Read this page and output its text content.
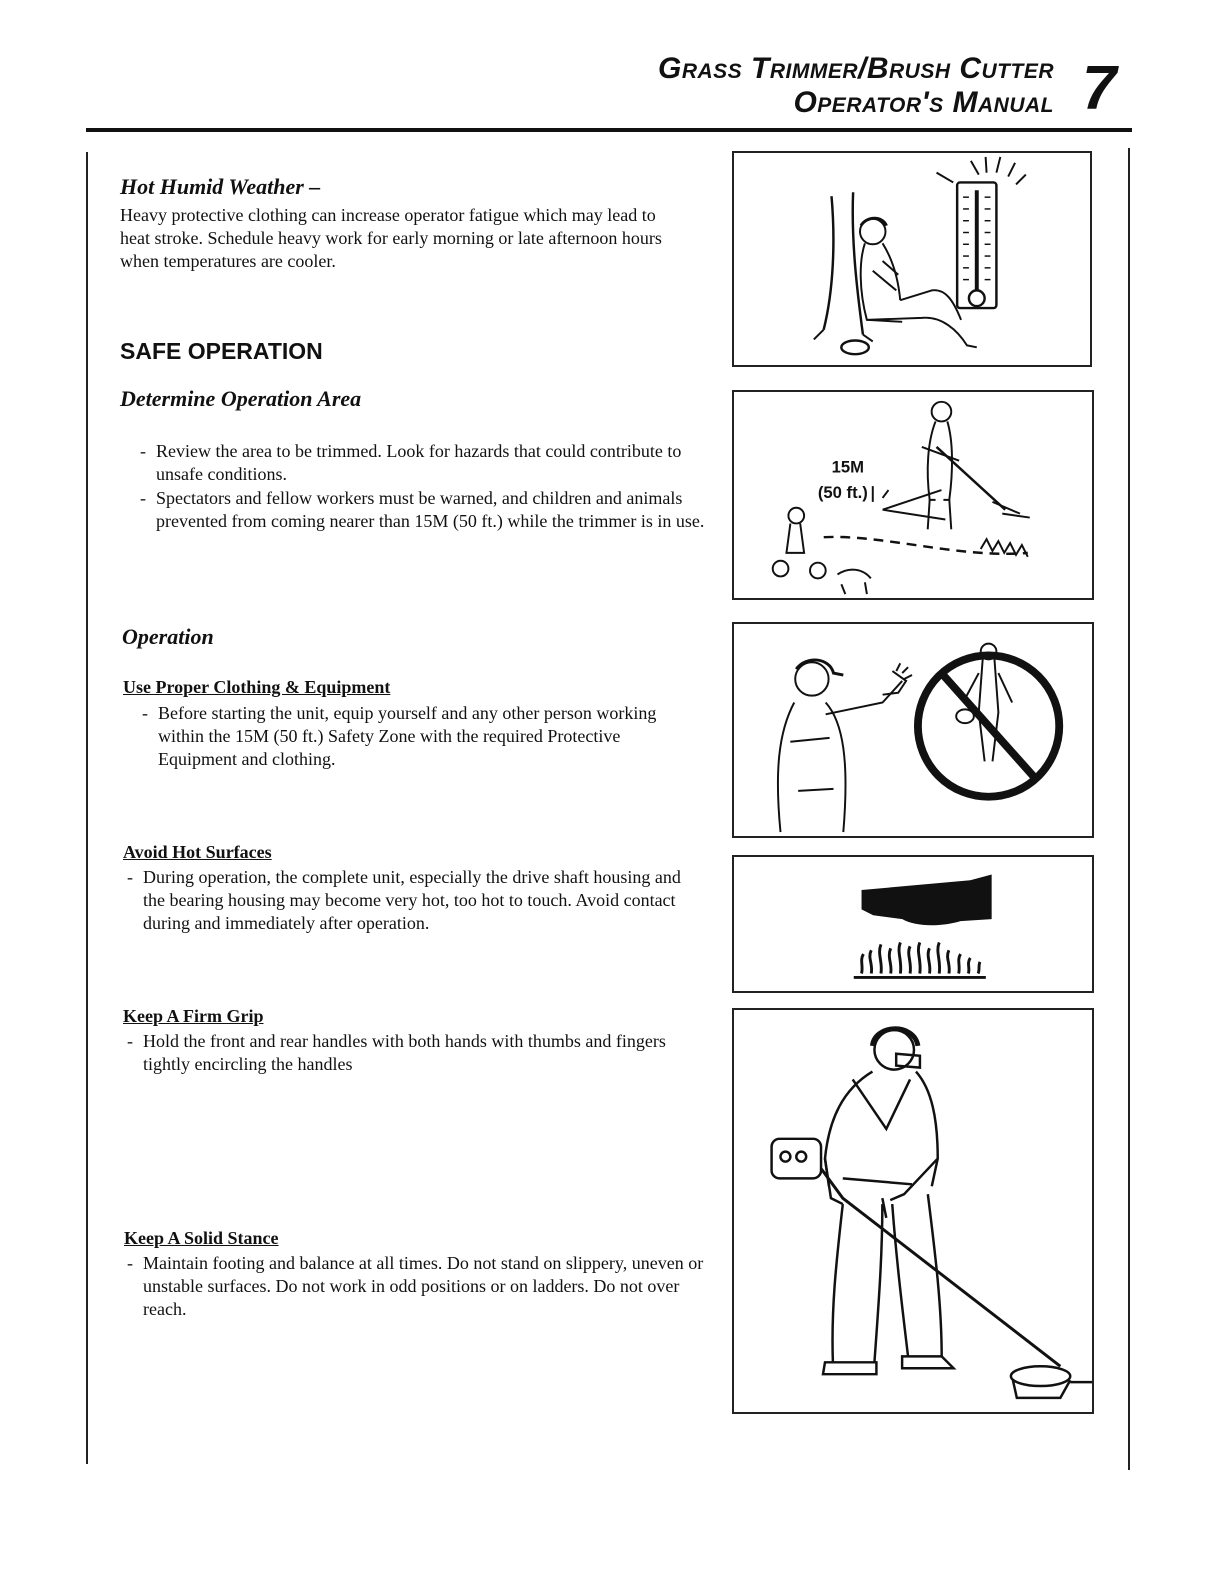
Grass Trimmer/Brush Cutter
Operator's Manual 7
Hot Humid Weather –
Heavy protective clothing can increase operator fatigue which may lead to heat stroke. Schedule heavy work for early morning or late afternoon hours when temperatures are cooler.
SAFE OPERATION
Determine Operation Area
- Review the area to be trimmed. Look for hazards that could contribute to unsafe conditions.
- Spectators and fellow workers must be warned, and children and animals prevented from coming nearer than 15M (50 ft.) while the trimmer is in use.
Operation
Use Proper Clothing & Equipment
- Before starting the unit, equip yourself and any other person working within the 15M (50 ft.) Safety Zone with the required Protective Equipment and clothing.
Avoid Hot Surfaces
- During operation, the complete unit, especially the drive shaft housing and the bearing housing may become very hot, too hot to touch. Avoid contact during and immediately after operation.
Keep A Firm Grip
- Hold the front and rear handles with both hands with thumbs and fingers tightly encircling the handles
Keep A Solid Stance
- Maintain footing and balance at all times. Do not stand on slippery, uneven or unstable surfaces. Do not work in odd positions or on ladders. Do not over reach.
15M
(50 ft.)
